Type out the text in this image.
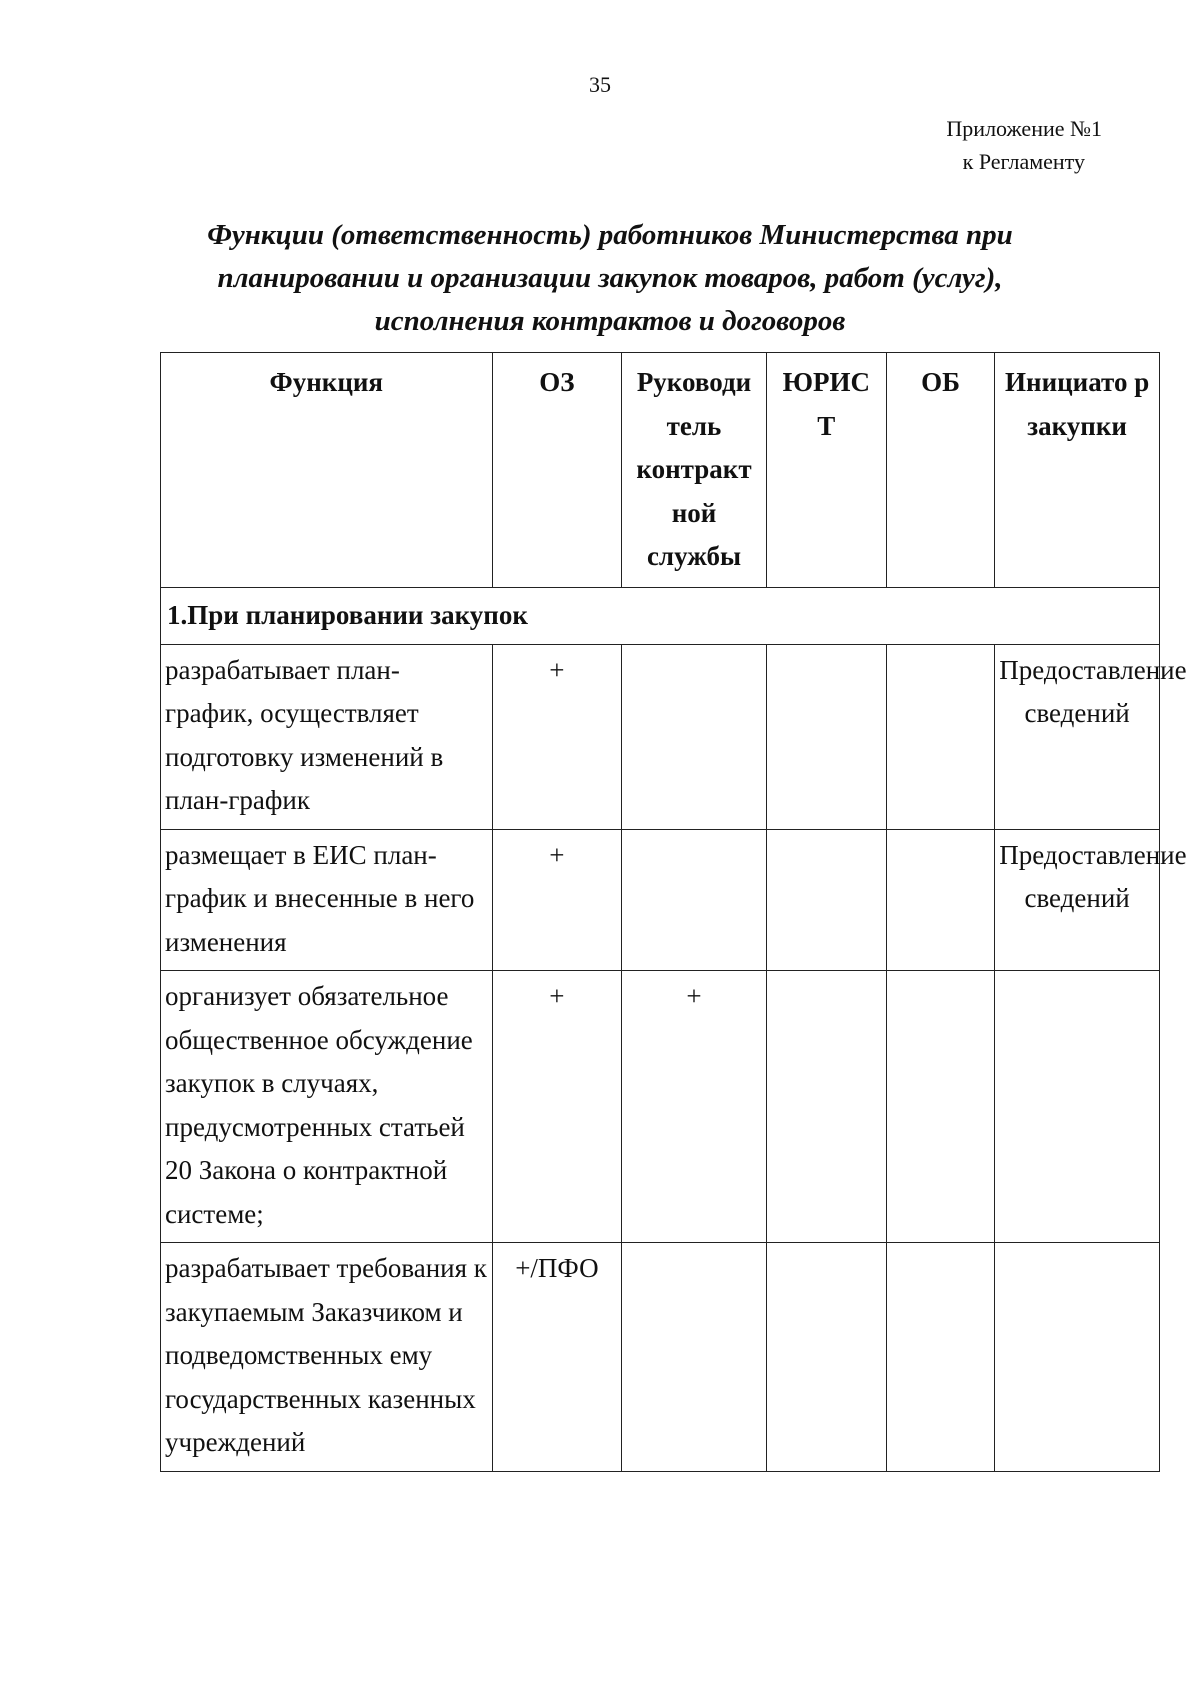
35
Приложение №1
к Регламенту
Функции (ответственность) работников Министерства при
планировании и организации закупок товаров, работ (услуг),
исполнения контрактов и договоров
Функция	ОЗ	Руководи тель контракт ной службы	ЮРИС Т	ОБ	Инициато р закупки
1.При планировании закупок					
разрабатывает план-график, осуществляет подготовку изменений в план-график	+				Предоставление сведений
размещает в ЕИС план-график и внесенные в него изменения	+				Предоставление сведений
организует обязательное общественное обсуждение закупок в случаях, предусмотренных статьей 20 Закона о контрактной системе;	+	+			
разрабатывает требования к закупаемым Заказчиком и подведомственных ему государственных казенных учреждений	+/ПФО				
